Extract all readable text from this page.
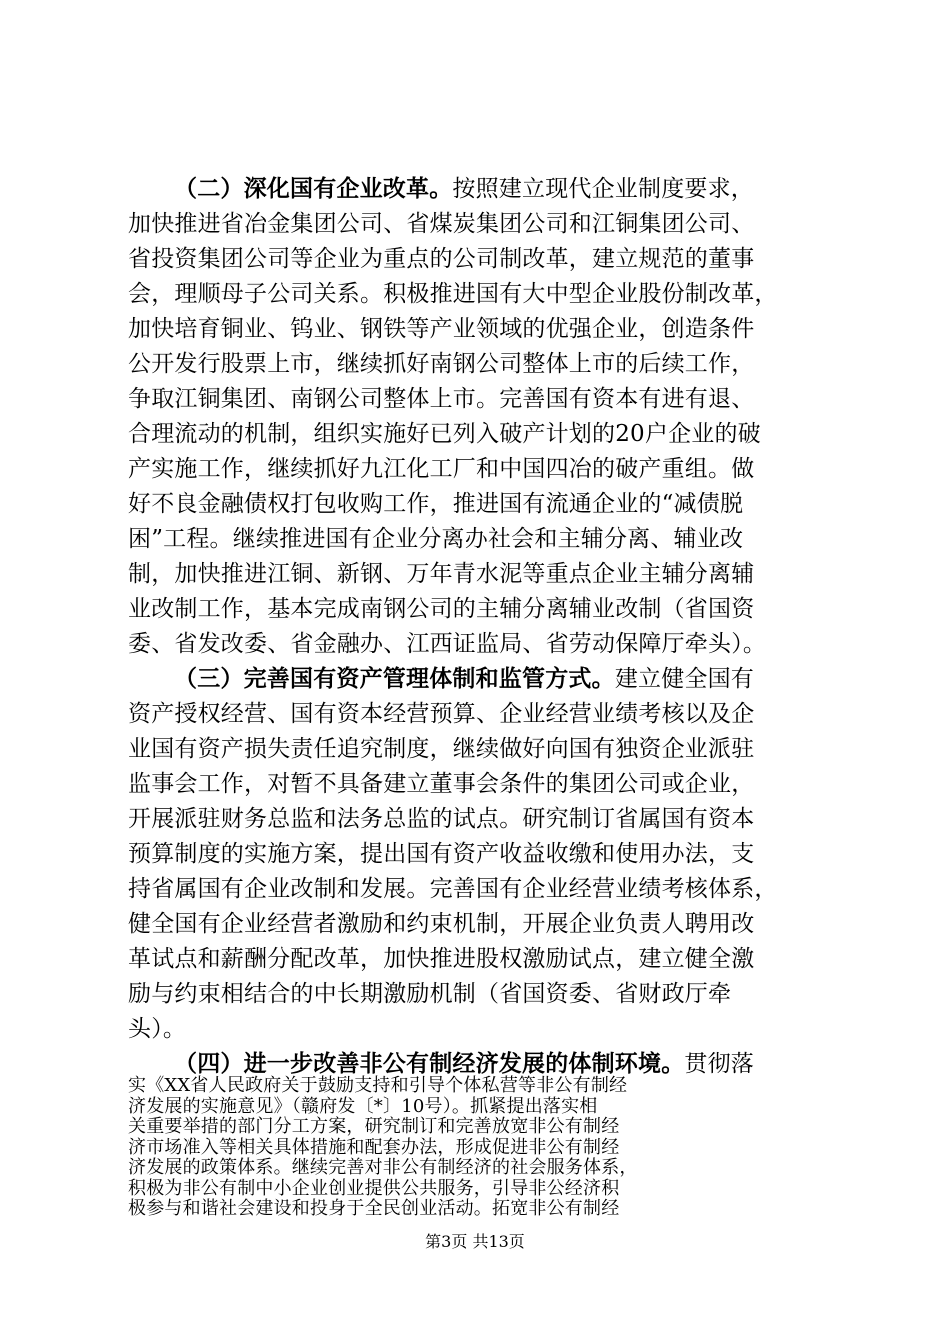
（二）深化国有企业改革。按照建立现代企业制度要求，
加快推进省冶金集团公司、省煤炭集团公司和江铜集团公司、
省投资集团公司等企业为重点的公司制改革，建立规范的董事
会，理顺母子公司关系。积极推进国有大中型企业股份制改革，
加快培育铜业、钨业、钢铁等产业领域的优强企业，创造条件
公开发行股票上市，继续抓好南钢公司整体上市的后续工作，
争取江铜集团、南钢公司整体上市。完善国有资本有进有退、
合理流动的机制，组织实施好已列入破产计划的20户企业的破
产实施工作，继续抓好九江化工厂和中国四冶的破产重组。做
好不良金融债权打包收购工作，推进国有流通企业的“减债脱
困”工程。继续推进国有企业分离办社会和主辅分离、辅业改
制，加快推进江铜、新钢、万年青水泥等重点企业主辅分离辅
业改制工作，基本完成南钢公司的主辅分离辅业改制（省国资
委、省发改委、省金融办、江西证监局、省劳动保障厅牵头）。
（三）完善国有资产管理体制和监管方式。建立健全国有
资产授权经营、国有资本经营预算、企业经营业绩考核以及企
业国有资产损失责任追究制度，继续做好向国有独资企业派驻
监事会工作，对暂不具备建立董事会条件的集团公司或企业，
开展派驻财务总监和法务总监的试点。研究制订省属国有资本
预算制度的实施方案，提出国有资产收益收缴和使用办法，支
持省属国有企业改制和发展。完善国有企业经营业绩考核体系，
健全国有企业经营者激励和约束机制，开展企业负责人聘用改
革试点和薪酬分配改革，加快推进股权激励试点，建立健全激
励与约束相结合的中长期激励机制（省国资委、省财政厅牵
头）。
（四）进一步改善非公有制经济发展的体制环境。贯彻落
第3页 共13页
实《XX省人民政府关于鼓励支持和引导个体私营等非公有制经
济发展的实施意见》（赣府发〔*〕10号）。抓紧提出落实相
关重要举措的部门分工方案，研究制订和完善放宽非公有制经
济市场准入等相关具体措施和配套办法，形成促进非公有制经
济发展的政策体系。继续完善对非公有制经济的社会服务体系，
积极为非公有制中小企业创业提供公共服务，引导非公经济积
极参与和谐社会建设和投身于全民创业活动。拓宽非公有制经
